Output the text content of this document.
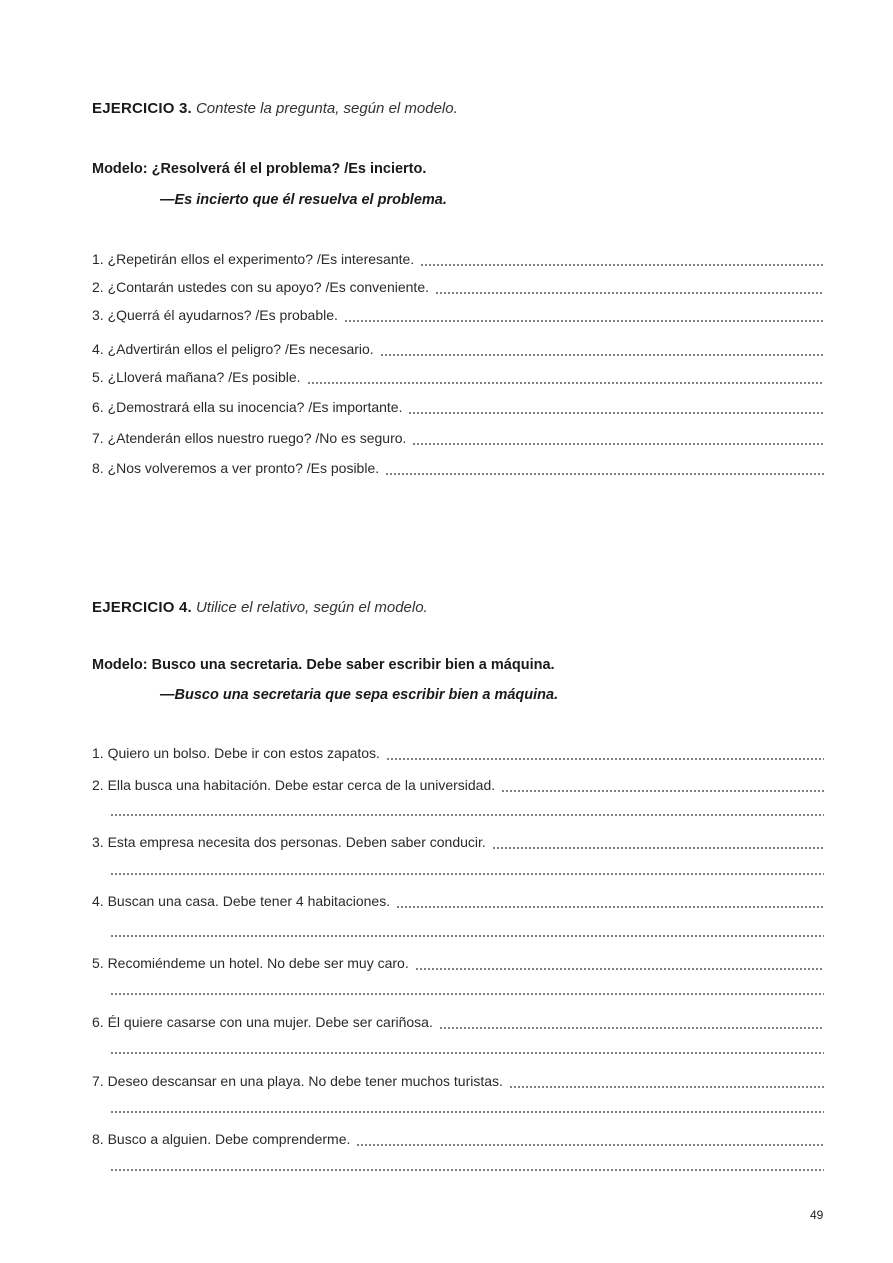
EJERCICIO 3. Conteste la pregunta, según el modelo.
Modelo: ¿Resolverá él el problema? /Es incierto.
—Es incierto que él resuelva el problema.
1. ¿Repetirán ellos el experimento? /Es interesante.
2. ¿Contarán ustedes con su apoyo? /Es conveniente.
3. ¿Querrá él ayudarnos? /Es probable.
4. ¿Advertirán ellos el peligro? /Es necesario.
5. ¿Lloverá mañana? /Es posible.
6. ¿Demostrará ella su inocencia? /Es importante.
7. ¿Atenderán ellos nuestro ruego? /No es seguro.
8. ¿Nos volveremos a ver pronto? /Es posible.
EJERCICIO 4. Utilice el relativo, según el modelo.
Modelo: Busco una secretaria. Debe saber escribir bien a máquina.
—Busco una secretaria que sepa escribir bien a máquina.
1. Quiero un bolso. Debe ir con estos zapatos.
2. Ella busca una habitación. Debe estar cerca de la universidad.
3. Esta empresa necesita dos personas. Deben saber conducir.
4. Buscan una casa. Debe tener 4 habitaciones.
5. Recomiéndeme un hotel. No debe ser muy caro.
6. Él quiere casarse con una mujer. Debe ser cariñosa.
7. Deseo descansar en una playa. No debe tener muchos turistas.
8. Busco a alguien. Debe comprenderme.
49
